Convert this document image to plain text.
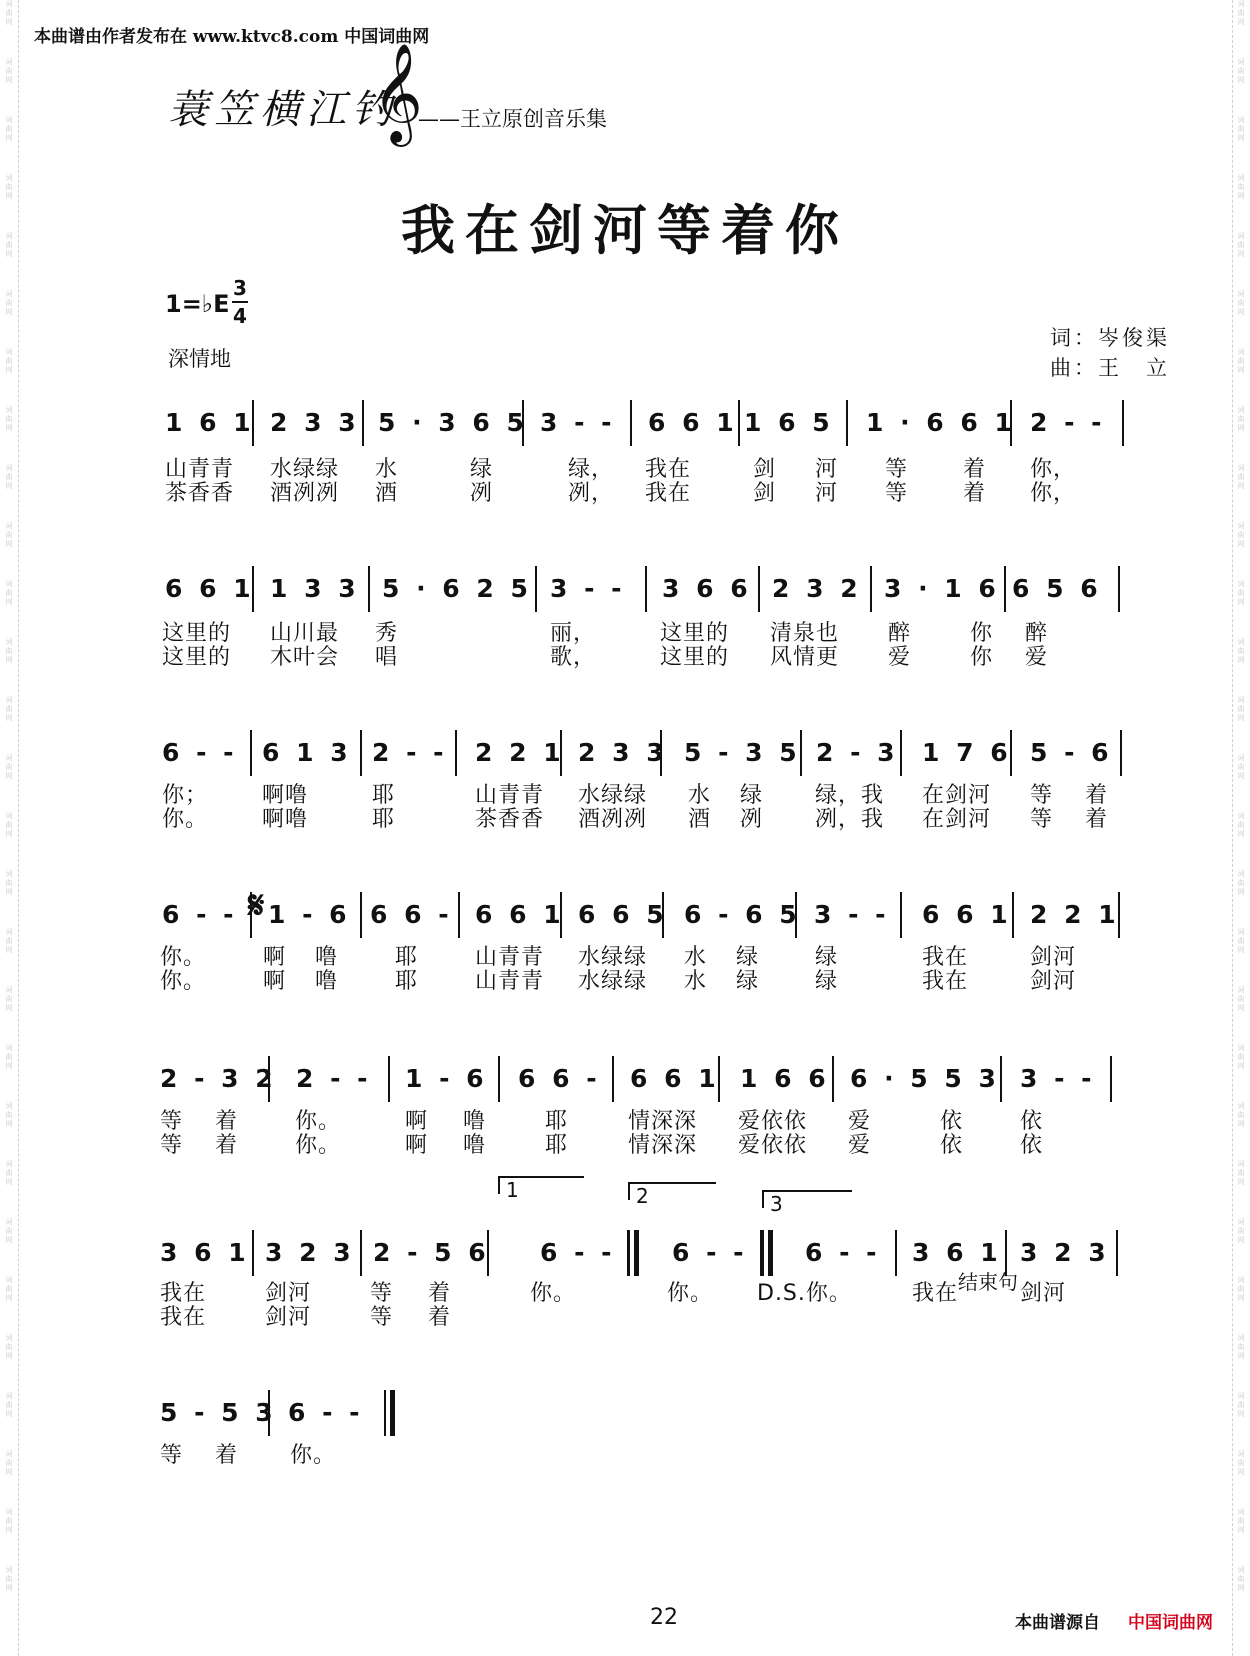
词
曲
网
词
曲
网
词
曲
网
词
曲
网
词
曲
网
词
曲
网
词
曲
网
词
曲
网
词
曲
网
词
曲
网
词
曲
网
词
曲
网
词
曲
网
词
曲
网
词
曲
网
词
曲
网
词
曲
网
词
曲
网
词
曲
网
词
曲
网
词
曲
网
词
曲
网
词
曲
网
词
曲
网
词
曲
网
词
曲
网
词
曲
网
词
曲
网
词
曲
网
词
曲
网
词
曲
网
词
曲
网
词
曲
网
词
曲
网
词
曲
网
词
曲
网
词
曲
网
词
曲
网
词
曲
网
词
曲
网
词
曲
网
词
曲
网
词
曲
网
词
曲
网
词
曲
网
词
曲
网
词
曲
网
词
曲
网
词
曲
网
词
曲
网
词
曲
网
词
曲
网
词
曲
网
词
曲
网
词
曲
网
词
曲
网
本曲谱由作者发布在 www.ktvc8.com 中国词曲网
蓑笠横江钓
𝄞
——王立原创音乐集
我在剑河等着你
1=♭E
3
4
深情地
词：岑俊渠
曲：王　立
1 6 1 2 3 3 5 · 3 6 5 3 - - 6 6 1 1 6 5 1 · 6 6 1 2 - -
山青青 水绿绿 水	绿	绿， 我在	剑 河 等 着 你，
茶香香 酒冽冽 酒	冽	冽， 我在	剑 河 等 着 你，
6 6 1 1 3 3 5 · 6 2 5 3 - - 3 6 6 2 3 2 3 · 1 6 6 5 6
这里的 山川最 秀	丽，	这里的 清泉也 醉	你 醉
这里的 木叶会 唱	歌，	这里的 风情更 爱	你 爱
6 - - 6 1 3 2 - - 2 2 1 2 3 3 5 - 3 5 2 - 3 1 7 6 5 - 6
你； 啊噜	耶	山青青 水绿绿 水 绿 绿，我 在剑河 等 着
你。 啊噜	耶	茶香香 酒冽冽 酒 冽 冽，我 在剑河 等 着
6 - - 1 - 6 6 6 - 6 6 1 6 6 5 6 - 6 5 3 - - 6 6 1 2 2 1
你。	啊 噜	耶	山青青 水绿绿 水 绿	绿	我在	剑河
你。	啊 噜	耶	山青青 水绿绿 水 绿	绿	我在	剑河
2 - 3 2 2 - - 1 - 6 6 6 - 6 6 1 1 6 6 6 · 5 5 3 3 - -
等 着	你。	啊 噜	耶	情深深 爱依依 爱	依	依
等 着	你。	啊 噜	耶	情深深 爱依依 爱	依	依
3 6 1 3 2 3 2 - 5 6 6 - - 6 - - 6 - - 3 6 1 3 2 3
我在	剑河	等 着	你。	你。 D.S.你。	我在	剑河
我在	剑河	等 着
5 - 5 3 6 - -
等 着 你。
1	2	3
𝄋
结束句
22	本曲谱源自 中国词曲网
